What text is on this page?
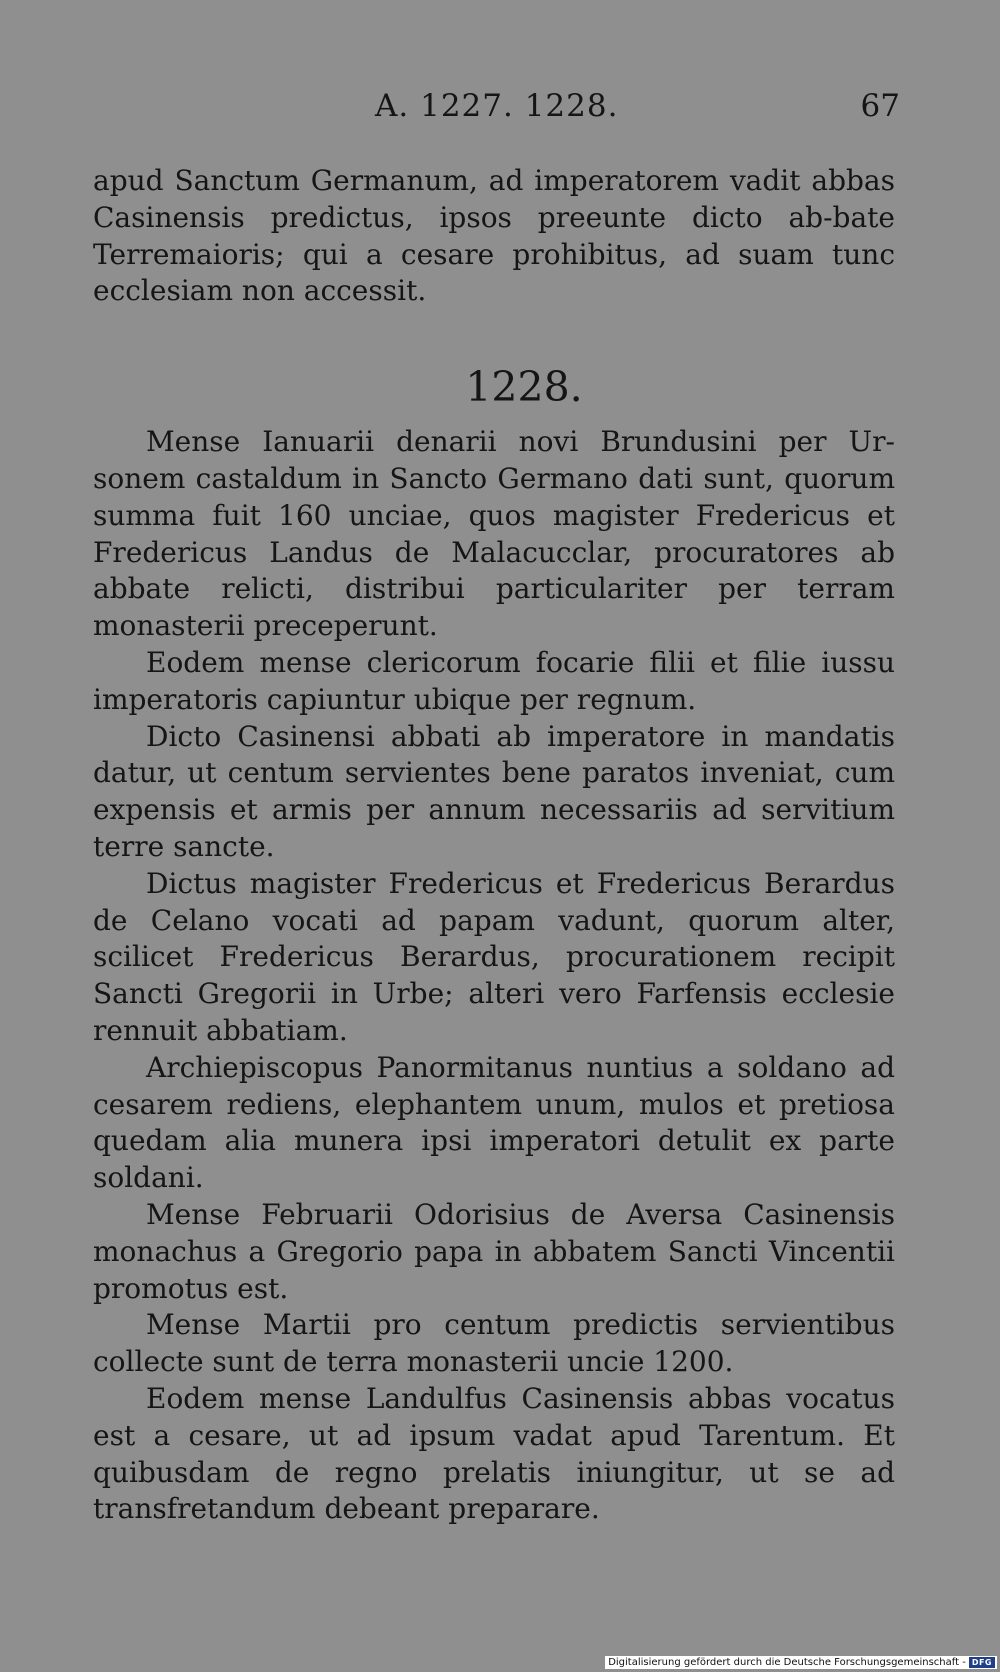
A. 1227. 1228.	67

apud Sanctum Germanum, ad imperatorem vadit abbas Casinensis predictus, ipsos preeunte dicto ab-bate Terremaioris; qui a cesare prohibitus, ad suam tunc ecclesiam non accessit.

1228.

Mense Ianuarii denarii novi Brundusini per Ursonem castaldum in Sancto Germano dati sunt, quorum summa fuit 160 unciae, quos magister Fredericus et Fredericus Landus de Malacucclar, procuratores ab abbate relicti, distribui particulariter per terram monasterii preceperunt.

Eodem mense clericorum focarie filii et filie iussu imperatoris capiuntur ubique per regnum.

Dicto Casinensi abbati ab imperatore in mandatis datur, ut centum servientes bene paratos inveniat, cum expensis et armis per annum necessariis ad servitium terre sancte.

Dictus magister Fredericus et Fredericus Berardus de Celano vocati ad papam vadunt, quorum alter, scilicet Fredericus Berardus, procurationem recipit Sancti Gregorii in Urbe; alteri vero Farfensis ecclesie rennuit abbatiam.

Archiepiscopus Panormitanus nuntius a soldano ad cesarem rediens, elephantem unum, mulos et pretiosa quedam alia munera ipsi imperatori detulit ex parte soldani.

Mense Februarii Odorisius de Aversa Casinensis monachus a Gregorio papa in abbatem Sancti Vincentii promotus est.

Mense Martii pro centum predictis servientibus collecte sunt de terra monasterii uncie 1200.

Eodem mense Landulfus Casinensis abbas vocatus est a cesare, ut ad ipsum vadat apud Tarentum. Et quibusdam de regno prelatis iniungitur, ut se ad transfretandum debeant preparare.

Digitalisierung gefördert durch die Deutsche Forschungsgemeinschaft - DFG
